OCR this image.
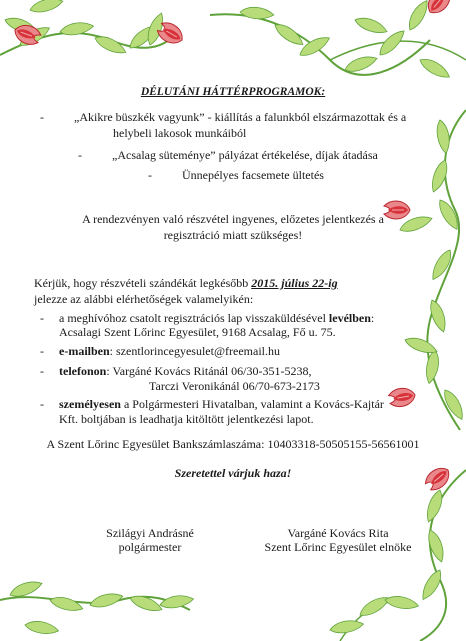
DÉLUTÁNI HÁTTÉRPROGRAMOK:
-	„Akikre büszkék vagyunk” - kiállítás a falunkból elszármazottak és a
helybeli lakosok munkáiból
-	„Acsalag süteménye” pályázat értékelése, díjak átadása
-	Ünnepélyes facsemete ültetés
A rendezvényen való részvétel ingyenes, előzetes jelentkezés a
regisztráció miatt szükséges!
Kérjük, hogy részvételi szándékát legkésőbb 2015. július 22-ig
jelezze az alábbi elérhetőségek valamelyikén:
- a meghívóhoz csatolt regisztrációs lap visszaküldésével levélben:
Acsalagi Szent Lőrinc Egyesület, 9168 Acsalag, Fő u. 75.
- e-mailben: szentlorincegyesulet@freemail.hu
- telefonon: Vargáné Kovács Ritánál 06/30-351-5238,
Tarczi Veronikánál 06/70-673-2173
- személyesen a Polgármesteri Hivatalban, valamint a Kovács-Kajtár
Kft. boltjában is leadhatja kitöltött jelentkezési lapot.
A Szent Lőrinc Egyesület Bankszámlaszáma: 10403318-50505155-56561001
Szeretettel várjuk haza!
Szilágyi Andrásné
polgármester
Vargáné Kovács Rita
Szent Lőrinc Egyesület elnöke
